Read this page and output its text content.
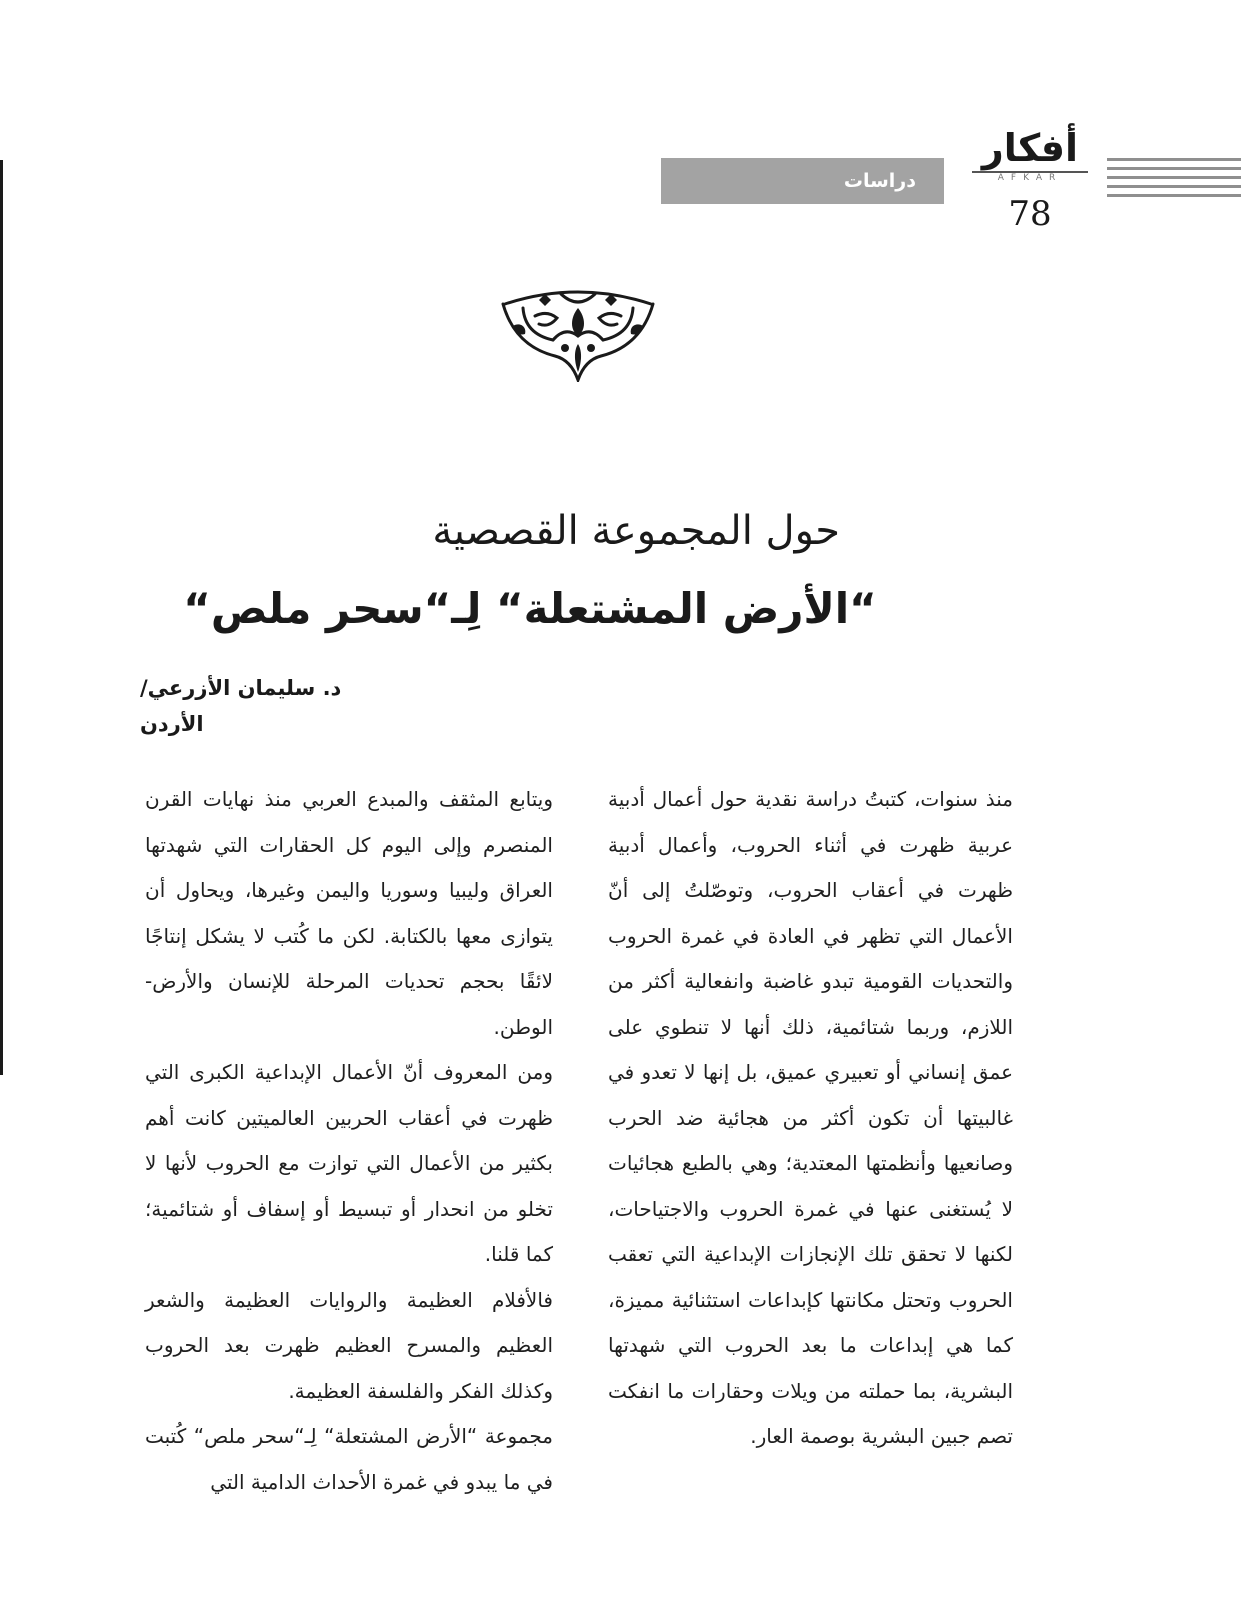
أفكار
AFKAR
78
دراسات
حول المجموعة القصصية
“الأرض المشتعلة“ لِـ“سحر ملص“
د. سليمان الأزرعي/ الأردن

منذ سنوات، كتبتُ دراسة نقدية حول أعمال أدبية عربية ظهرت في أثناء الحروب، وأعمال أدبية ظهرت في أعقاب الحروب، وتوصّلتُ إلى أنّ الأعمال التي تظهر في العادة في غمرة الحروب والتحديات القومية تبدو غاضبة وانفعالية أكثر من اللازم، وربما شتائمية، ذلك أنها لا تنطوي على عمق إنساني أو تعبيري عميق، بل إنها لا تعدو في غالبيتها أن تكون أكثر من هجائية ضد الحرب وصانعيها وأنظمتها المعتدية؛ وهي بالطبع هجائيات لا يُستغنى عنها في غمرة الحروب والاجتياحات، لكنها لا تحقق تلك الإنجازات الإبداعية التي تعقب الحروب وتحتل مكانتها كإبداعات استثنائية مميزة، كما هي إبداعات ما بعد الحروب التي شهدتها البشرية، بما حملته من ويلات وحقارات ما انفكت تصم جبين البشرية بوصمة العار.

ويتابع المثقف والمبدع العربي منذ نهايات القرن المنصرم وإلى اليوم كل الحقارات التي شهدتها العراق وليبيا وسوريا واليمن وغيرها، ويحاول أن يتوازى معها بالكتابة. لكن ما كُتب لا يشكل إنتاجًا لائقًا بحجم تحديات المرحلة للإنسان والأرض-الوطن.

ومن المعروف أنّ الأعمال الإبداعية الكبرى التي ظهرت في أعقاب الحربين العالميتين كانت أهم بكثير من الأعمال التي توازت مع الحروب لأنها لا تخلو من انحدار أو تبسيط أو إسفاف أو شتائمية؛ كما قلنا.

فالأفلام العظيمة والروايات العظيمة والشعر العظيم والمسرح العظيم ظهرت بعد الحروب وكذلك الفكر والفلسفة العظيمة.

مجموعة “الأرض المشتعلة“ لِـ“سحر ملص“ كُتبت في ما يبدو في غمرة الأحداث الدامية التي
